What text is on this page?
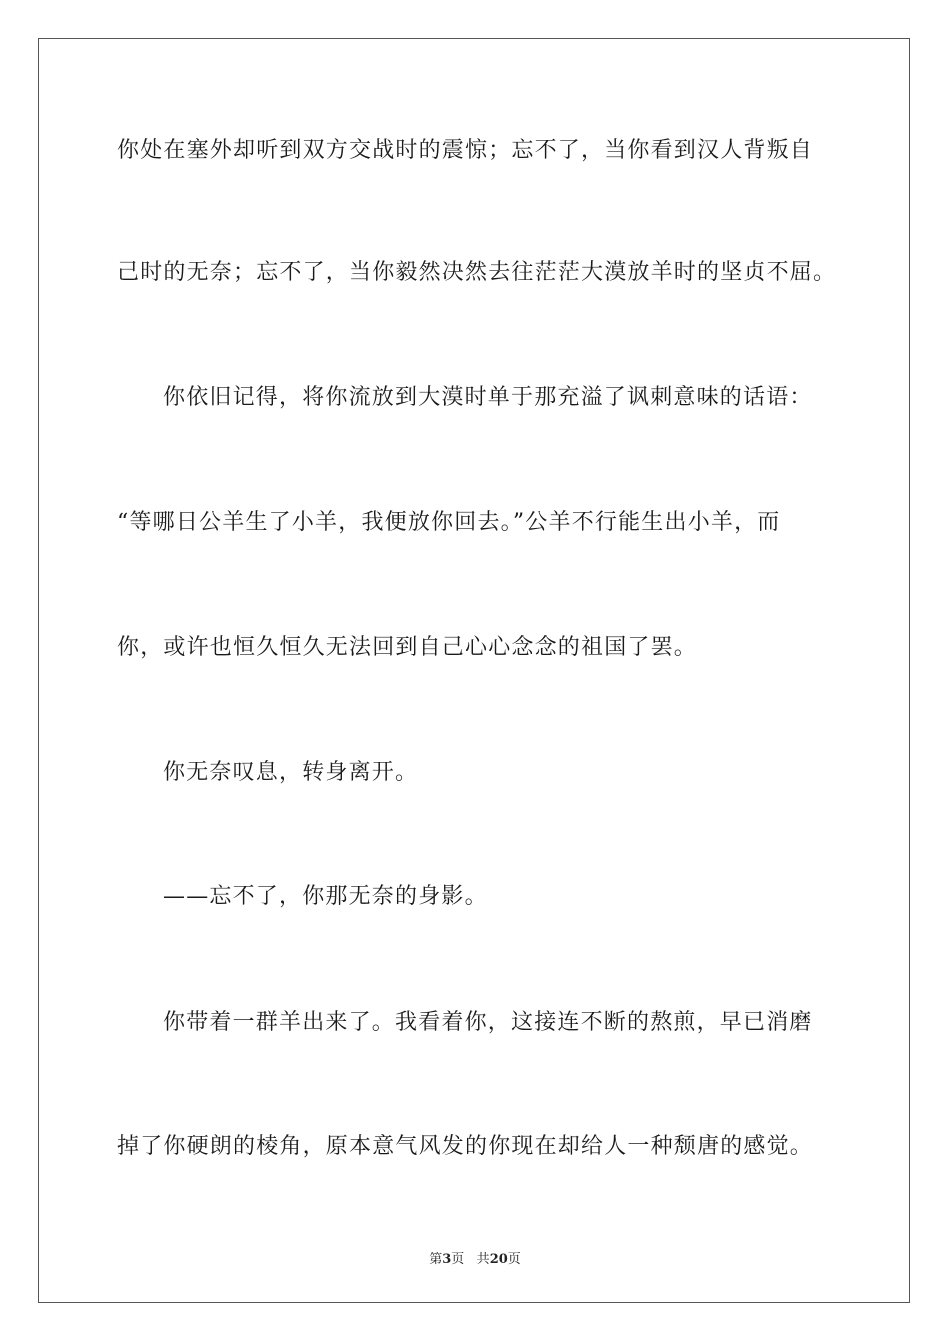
你处在塞外却听到双方交战时的震惊；忘不了，当你看到汉人背叛自
己时的无奈；忘不了，当你毅然决然去往茫茫大漠放羊时的坚贞不屈。
你依旧记得，将你流放到大漠时单于那充溢了讽刺意味的话语：
“等哪日公羊生了小羊，我便放你回去。”公羊不行能生出小羊，而
你，或许也恒久恒久无法回到自己心心念念的祖国了罢。
你无奈叹息，转身离开。
——忘不了，你那无奈的身影。
你带着一群羊出来了。我看着你，这接连不断的熬煎，早已消磨
掉了你硬朗的棱角，原本意气风发的你现在却给人一种颓唐的感觉。
第3页 共20页
